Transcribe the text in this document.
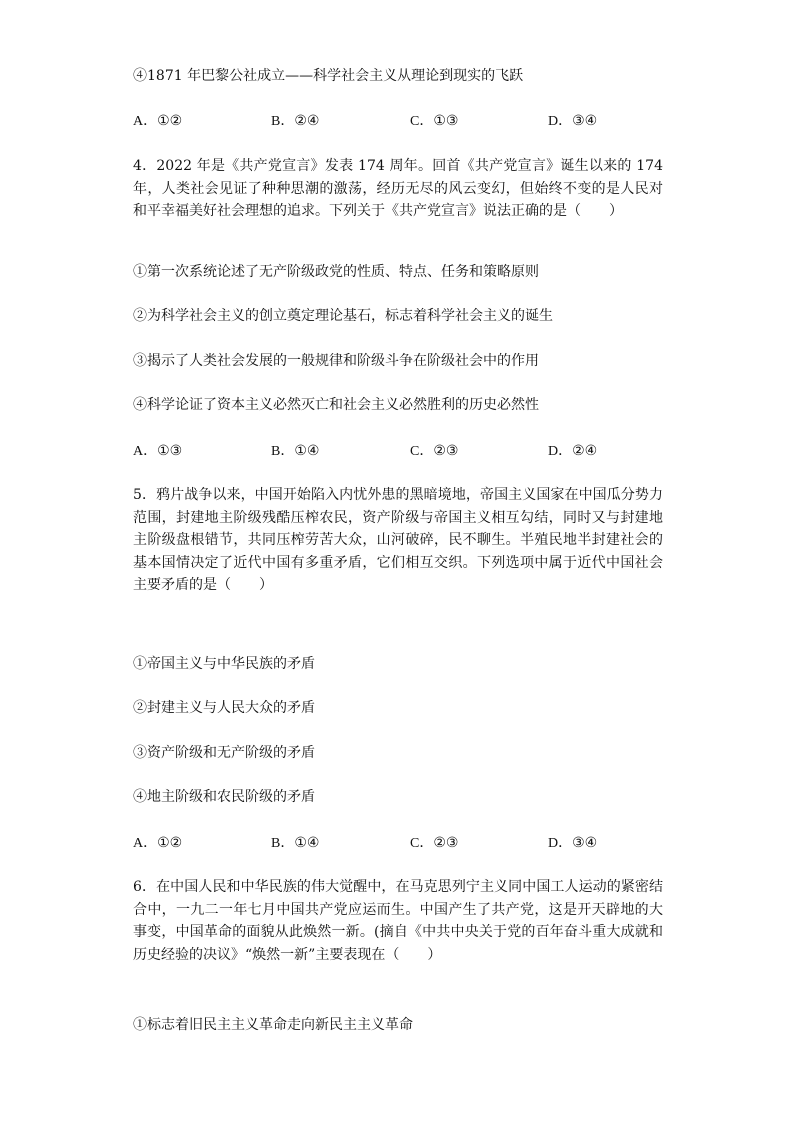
④1871 年巴黎公社成立——科学社会主义从理论到现实的飞跃
A．①②	B．②④	C．①③	D．③④
4．2022 年是《共产党宣言》发表 174 周年。回首《共产党宣言》诞生以来的 174 年，人类社会见证了种种思潮的激荡，经历无尽的风云变幻，但始终不变的是人民对和平幸福美好社会理想的追求。下列关于《共产党宣言》说法正确的是（　　）
①第一次系统论述了无产阶级政党的性质、特点、任务和策略原则
②为科学社会主义的创立奠定理论基石，标志着科学社会主义的诞生
③揭示了人类社会发展的一般规律和阶级斗争在阶级社会中的作用
④科学论证了资本主义必然灭亡和社会主义必然胜利的历史必然性
A．①③	B．①④	C．②③	D．②④
5．鸦片战争以来，中国开始陷入内忧外患的黑暗境地，帝国主义国家在中国瓜分势力范围，封建地主阶级残酷压榨农民，资产阶级与帝国主义相互勾结，同时又与封建地主阶级盘根错节，共同压榨劳苦大众，山河破碎，民不聊生。半殖民地半封建社会的基本国情决定了近代中国有多重矛盾，它们相互交织。下列选项中属于近代中国社会主要矛盾的是（　　）
①帝国主义与中华民族的矛盾
②封建主义与人民大众的矛盾
③资产阶级和无产阶级的矛盾
④地主阶级和农民阶级的矛盾
A．①②	B．①④	C．②③	D．③④
6．在中国人民和中华民族的伟大觉醒中，在马克思列宁主义同中国工人运动的紧密结合中，一九二一年七月中国共产党应运而生。中国产生了共产党，这是开天辟地的大事变，中国革命的面貌从此焕然一新。(摘自《中共中央关于党的百年奋斗重大成就和历史经验的决议》“焕然一新”主要表现在（　　）
①标志着旧民主主义革命走向新民主主义革命
